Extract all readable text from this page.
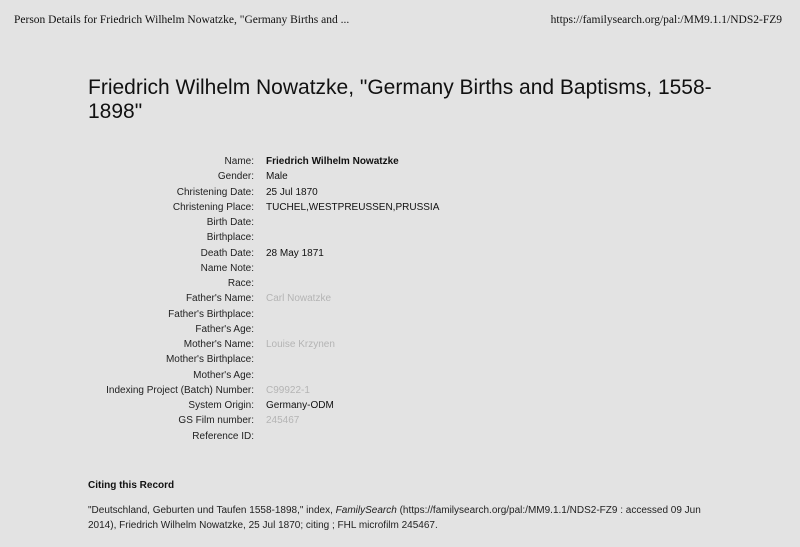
Person Details for Friedrich Wilhelm Nowatzke, "Germany Births and ...	https://familysearch.org/pal:/MM9.1.1/NDS2-FZ9
Friedrich Wilhelm Nowatzke, "Germany Births and Baptisms, 1558-1898"
Name:	Friedrich Wilhelm Nowatzke
Gender:	Male
Christening Date:	25 Jul 1870
Christening Place:	TUCHEL,WESTPREUSSEN,PRUSSIA
Birth Date:
Birthplace:
Death Date:	28 May 1871
Name Note:
Race:
Father's Name:	Carl Nowatzke
Father's Birthplace:
Father's Age:
Mother's Name:	Louise Krzynen
Mother's Birthplace:
Mother's Age:
Indexing Project (Batch) Number:	C99922-1
System Origin:	Germany-ODM
GS Film number:	245467
Reference ID:
Citing this Record
"Deutschland, Geburten und Taufen 1558-1898," index, FamilySearch (https://familysearch.org/pal:/MM9.1.1/NDS2-FZ9 : accessed 09 Jun 2014), Friedrich Wilhelm Nowatzke, 25 Jul 1870; citing ; FHL microfilm 245467.
